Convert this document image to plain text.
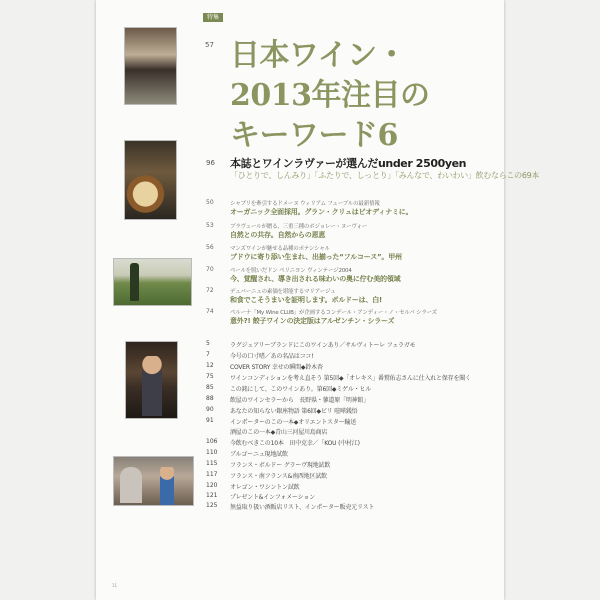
特集
57 日本ワイン・
2013年注目の
キーワード6
96 本誌とワインラヴァーが選んだunder 2500yen
「ひとりで、しんみり」「ふたりで、しっとり」「みんなで、わいわい」飲むならこの69本
50	シャブリを牽引するドメーヌ ウィリアム フェーブルの最新情報
オーガニック全面採用。グラン・クリュはビオディナミに。
53	ブラヴュールが贈る、三重三種のボジョレー・ヌーヴォー
自然との共存。自然からの恩恵
56	マンズワインが魅せる品種のポテンシャル
ブドウに寄り添い生まれ、出揃った“フルコース”。甲州
70	ペールを脱いだドン ペリニヨン ヴィンテージ2004
今、覚醒され、導き出される味わいの奥に佇む美的領域
72	デュバーニュの素価を堪能するマリアージュ
和食でこそうまいを証明します。ボルドーは、白!
74	ペルーナ「My Wine CLUB」が企画するコンデール・アンディー・ノ・セルバ シラーズ
意外?! 餃子ワインの決定版はアルゼンチン・シラーズ
5	ラグジュアリーブランドにこのワインあり／サルヴィトーレ フェラガモ
7	今号の口寸嗜／あの名品はココ!
12	COVER STORY 幸せの瞬間◆鈴木杏
75	ワインコンディションを考え直そう 第5回◆「オレキス」番鷲佑志さんに仕入れと保存を聞く
85	この銘にして、このワインあり。第6回◆ミゲル・ヒル
88	飲屋のワインセラーから　長野県・蓼道原「明神館」
90	あなたの知らない銀座物語 第6回◆ビリ 喧嘩銭悟
91	インポーターのこの一本◆オリエントスター輸送
酒屋のこの一本◆青山三河屋川島商店
106 今飲むべきこの10本　田中克幸／「KOU (中村江)
110 ブルゴーニュ現地試飲
115 フランス・ボルドー グラーヴ現地試飲
117 フランス・南フランス&南西地区試飲
120 オレゴン・ワシントン試飲
121 プレゼント&インフォメーション
125 無益取り扱い酒販店リスト、インポーター販売元リスト
11
